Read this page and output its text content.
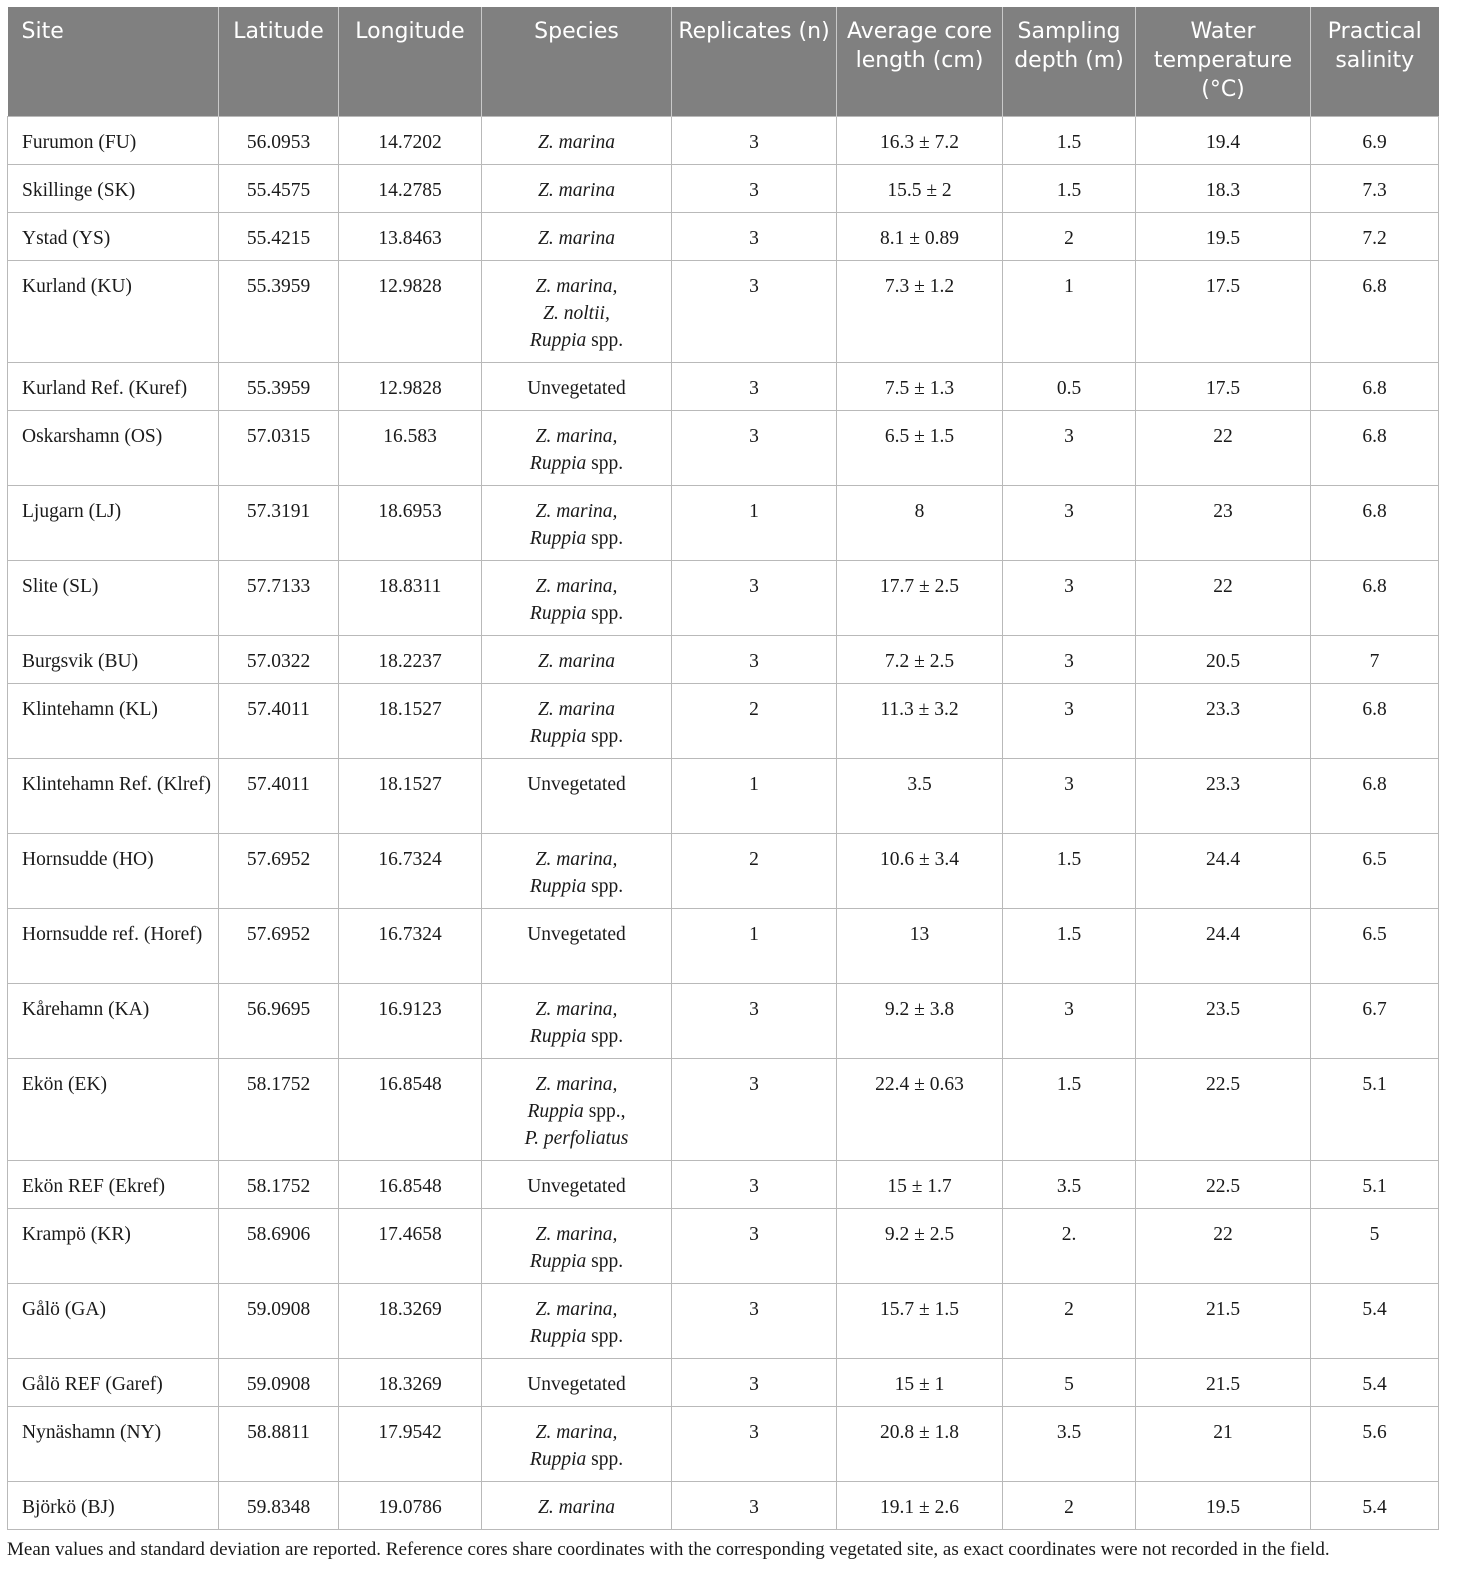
Site	Latitude	Longitude	Species	Replicates (n)	Average core length (cm)	Sampling depth (m)	Water temperature (°C)	Practical salinity
Furumon (FU)	56.0953	14.7202	Z. marina	3	16.3 ± 7.2	1.5	19.4	6.9
Skillinge (SK)	55.4575	14.2785	Z. marina	3	15.5 ± 2	1.5	18.3	7.3
Ystad (YS)	55.4215	13.8463	Z. marina	3	8.1 ± 0.89	2	19.5	7.2
Kurland (KU)	55.3959	12.9828	Z. marina,
Z. noltii,
Ruppia spp.	3	7.3 ± 1.2	1	17.5	6.8
Kurland Ref. (Kuref)	55.3959	12.9828	Unvegetated	3	7.5 ± 1.3	0.5	17.5	6.8
Oskarshamn (OS)	57.0315	16.583	Z. marina,
Ruppia spp.	3	6.5 ± 1.5	3	22	6.8
Ljugarn (LJ)	57.3191	18.6953	Z. marina,
Ruppia spp.	1	8	3	23	6.8
Slite (SL)	57.7133	18.8311	Z. marina,
Ruppia spp.	3	17.7 ± 2.5	3	22	6.8
Burgsvik (BU)	57.0322	18.2237	Z. marina	3	7.2 ± 2.5	3	20.5	7
Klintehamn (KL)	57.4011	18.1527	Z. marina
Ruppia spp.	2	11.3 ± 3.2	3	23.3	6.8
Klintehamn Ref. (Klref)	57.4011	18.1527	Unvegetated	1	3.5	3	23.3	6.8
Hornsudde (HO)	57.6952	16.7324	Z. marina,
Ruppia spp.	2	10.6 ± 3.4	1.5	24.4	6.5
Hornsudde ref. (Horef)	57.6952	16.7324	Unvegetated	1	13	1.5	24.4	6.5
Kårehamn (KA)	56.9695	16.9123	Z. marina,
Ruppia spp.	3	9.2 ± 3.8	3	23.5	6.7
Ekön (EK)	58.1752	16.8548	Z. marina,
Ruppia spp.,
P. perfoliatus	3	22.4 ± 0.63	1.5	22.5	5.1
Ekön REF (Ekref)	58.1752	16.8548	Unvegetated	3	15 ± 1.7	3.5	22.5	5.1
Krampö (KR)	58.6906	17.4658	Z. marina,
Ruppia spp.	3	9.2 ± 2.5	2.	22	5
Gålö (GA)	59.0908	18.3269	Z. marina,
Ruppia spp.	3	15.7 ± 1.5	2	21.5	5.4
Gålö REF (Garef)	59.0908	18.3269	Unvegetated	3	15 ± 1	5	21.5	5.4
Nynäshamn (NY)	58.8811	17.9542	Z. marina,
Ruppia spp.	3	20.8 ± 1.8	3.5	21	5.6
Björkö (BJ)	59.8348	19.0786	Z. marina	3	19.1 ± 2.6	2	19.5	5.4
Mean values and standard deviation are reported. Reference cores share coordinates with the corresponding vegetated site, as exact coordinates were not recorded in the field.
